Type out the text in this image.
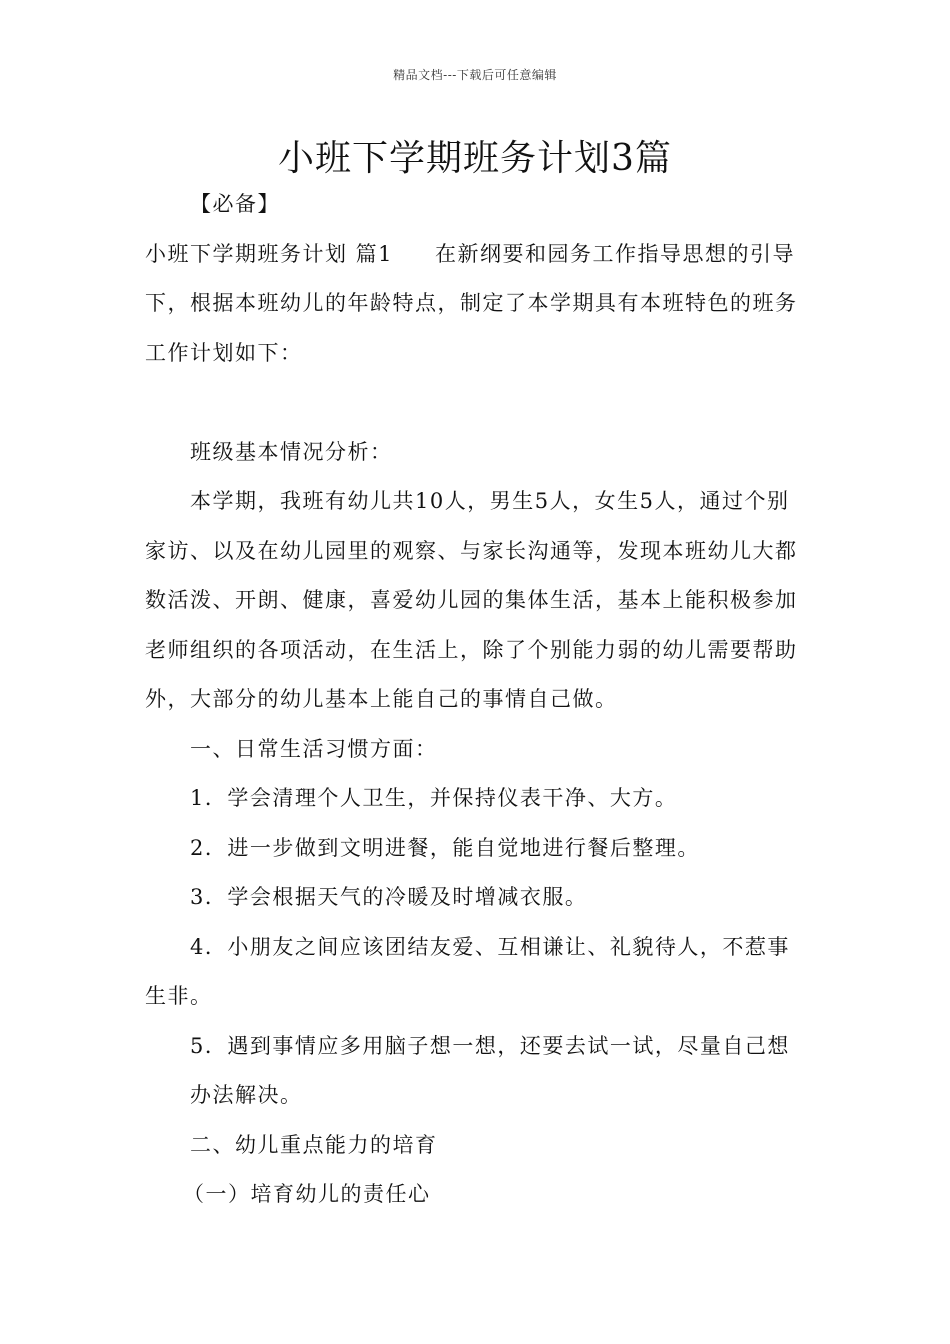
精品文档---下载后可任意编辑
小班下学期班务计划3篇

【必备】

小班下学期班务计划 篇1 在新纲要和园务工作指导思想的引导下，根据本班幼儿的年龄特点，制定了本学期具有本班特色的班务工作计划如下：

班级基本情况分析：

本学期，我班有幼儿共10人，男生5人，女生5人，通过个别家访、以及在幼儿园里的观察、与家长沟通等，发现本班幼儿大都数活泼、开朗、健康，喜爱幼儿园的集体生活，基本上能积极参加老师组织的各项活动，在生活上，除了个别能力弱的幼儿需要帮助外，大部分的幼儿基本上能自己的事情自己做。

一、日常生活习惯方面：

1．学会清理个人卫生，并保持仪表干净、大方。

2．进一步做到文明进餐，能自觉地进行餐后整理。

3．学会根据天气的冷暖及时增减衣服。

4．小朋友之间应该团结友爱、互相谦让、礼貌待人，不惹事生非。

5．遇到事情应多用脑子想一想，还要去试一试，尽量自己想

办法解决。

二、幼儿重点能力的培育

（一）培育幼儿的责任心
